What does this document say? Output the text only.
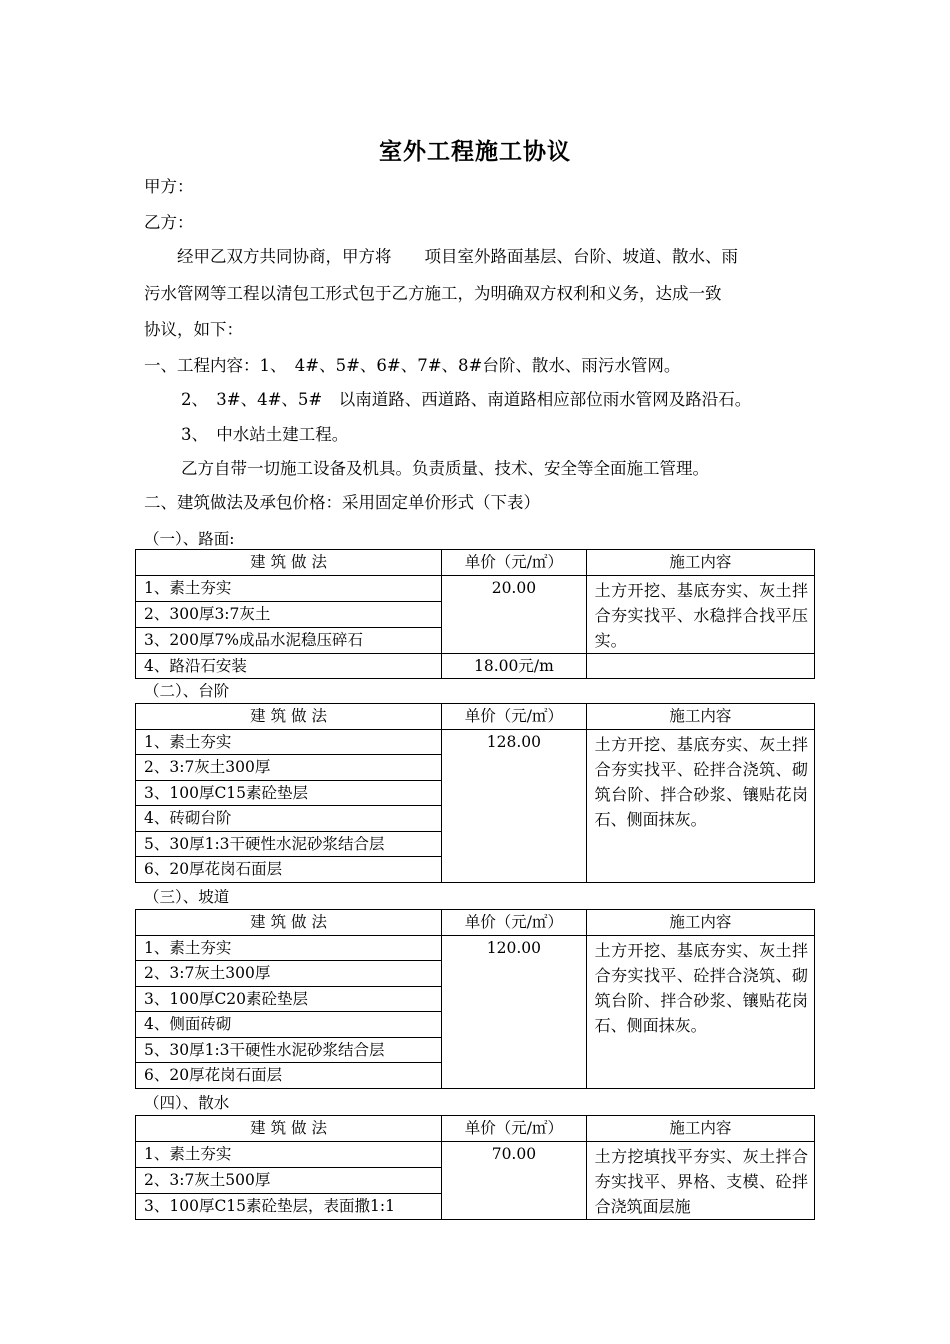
室外工程施工协议
甲方：
乙方：
经甲乙双方共同协商，甲方将　　项目室外路面基层、台阶、坡道、散水、雨
污水管网等工程以清包工形式包于乙方施工，为明确双方权利和义务，达成一致
协议，如下：
一、工程内容：1、　4#、5#、6#、7#、8#台阶、散水、雨污水管网。
2、　3#、4#、5#　以南道路、西道路、南道路相应部位雨水管网及路沿石。
3、　中水站土建工程。
乙方自带一切施工设备及机具。负责质量、技术、安全等全面施工管理。
二、建筑做法及承包价格：采用固定单价形式（下表）
（一）、路面:
建 筑 做 法	单价（元/㎡）	施工内容
1、素土夯实	20.00	土方开挖、基底夯实、灰土拌合夯实找平、水稳拌合找平压实。
2、300厚3:7灰土		
3、200厚7%成品水泥稳压碎石		
4、路沿石安装	18.00元/m	
（二）、台阶
建 筑 做 法	单价（元/㎡）	施工内容
1、素土夯实	128.00	土方开挖、基底夯实、灰土拌合夯实找平、砼拌合浇筑、砌筑台阶、拌合砂浆、镶贴花岗石、侧面抹灰。
2、3:7灰土300厚		
3、100厚C15素砼垫层		
4、砖砌台阶		
5、30厚1:3干硬性水泥砂浆结合层		
6、20厚花岗石面层		
（三）、坡道
建 筑 做 法	单价（元/㎡）	施工内容
1、素土夯实	120.00	土方开挖、基底夯实、灰土拌合夯实找平、砼拌合浇筑、砌筑台阶、拌合砂浆、镶贴花岗石、侧面抹灰。
2、3:7灰土300厚		
3、100厚C20素砼垫层		
4、侧面砖砌		
5、30厚1:3干硬性水泥砂浆结合层		
6、20厚花岗石面层		
（四）、散水
建 筑 做 法	单价（元/㎡）	施工内容
1、素土夯实	70.00	土方挖填找平夯实、灰土拌合夯实找平、界格、支模、砼拌合浇筑面层施
2、3:7灰土500厚		
3、100厚C15素砼垫层，表面撒1:1		
